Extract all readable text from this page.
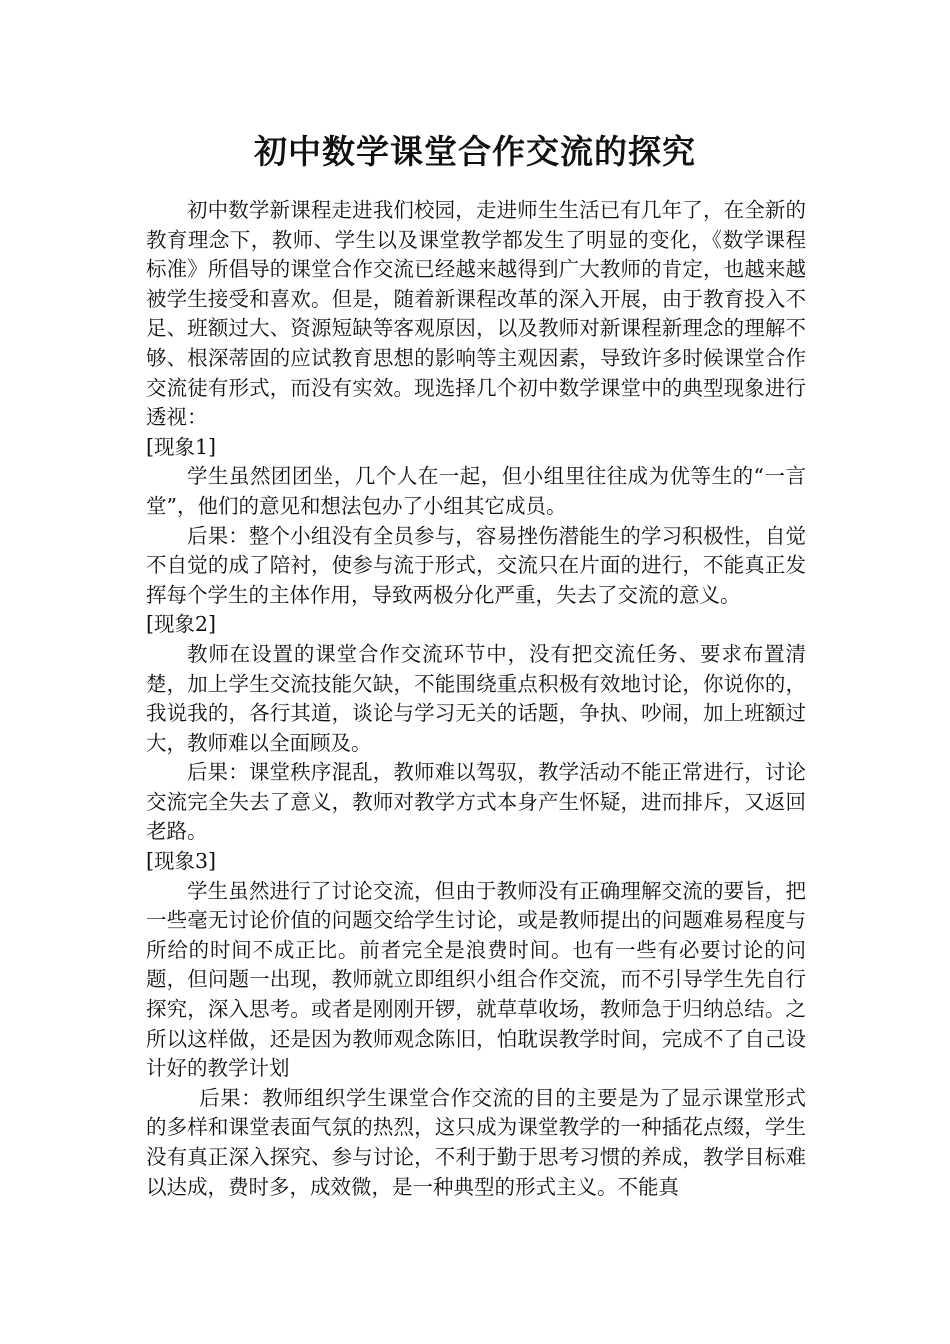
初中数学课堂合作交流的探究

初中数学新课程走进我们校园，走进师生生活已有几年了，在全新的教育理念下，教师、学生以及课堂教学都发生了明显的变化，《数学课程标准》所倡导的课堂合作交流已经越来越得到广大教师的肯定，也越来越被学生接受和喜欢。但是，随着新课程改革的深入开展，由于教育投入不足、班额过大、资源短缺等客观原因，以及教师对新课程新理念的理解不够、根深蒂固的应试教育思想的影响等主观因素，导致许多时候课堂合作交流徒有形式，而没有实效。现选择几个初中数学课堂中的典型现象进行透视：

[现象1]

学生虽然团团坐，几个人在一起，但小组里往往成为优等生的“一言堂”，他们的意见和想法包办了小组其它成员。

后果：整个小组没有全员参与，容易挫伤潜能生的学习积极性，自觉不自觉的成了陪衬，使参与流于形式，交流只在片面的进行，不能真正发挥每个学生的主体作用，导致两极分化严重，失去了交流的意义。

[现象2]

教师在设置的课堂合作交流环节中，没有把交流任务、要求布置清楚，加上学生交流技能欠缺，不能围绕重点积极有效地讨论，你说你的，我说我的，各行其道，谈论与学习无关的话题，争执、吵闹，加上班额过大，教师难以全面顾及。

后果：课堂秩序混乱，教师难以驾驭，教学活动不能正常进行，讨论交流完全失去了意义，教师对教学方式本身产生怀疑，进而排斥，又返回老路。

[现象3]

学生虽然进行了讨论交流，但由于教师没有正确理解交流的要旨，把一些毫无讨论价值的问题交给学生讨论，或是教师提出的问题难易程度与所给的时间不成正比。前者完全是浪费时间。也有一些有必要讨论的问题，但问题一出现，教师就立即组织小组合作交流，而不引导学生先自行探究，深入思考。或者是刚刚开锣，就草草收场，教师急于归纳总结。之所以这样做，还是因为教师观念陈旧，怕耽误教学时间，完成不了自己设计好的教学计划

后果：教师组织学生课堂合作交流的目的主要是为了显示课堂形式的多样和课堂表面气氛的热烈，这只成为课堂教学的一种插花点缀，学生没有真正深入探究、参与讨论，不利于勤于思考习惯的养成，教学目标难以达成，费时多，成效微，是一种典型的形式主义。不能真
